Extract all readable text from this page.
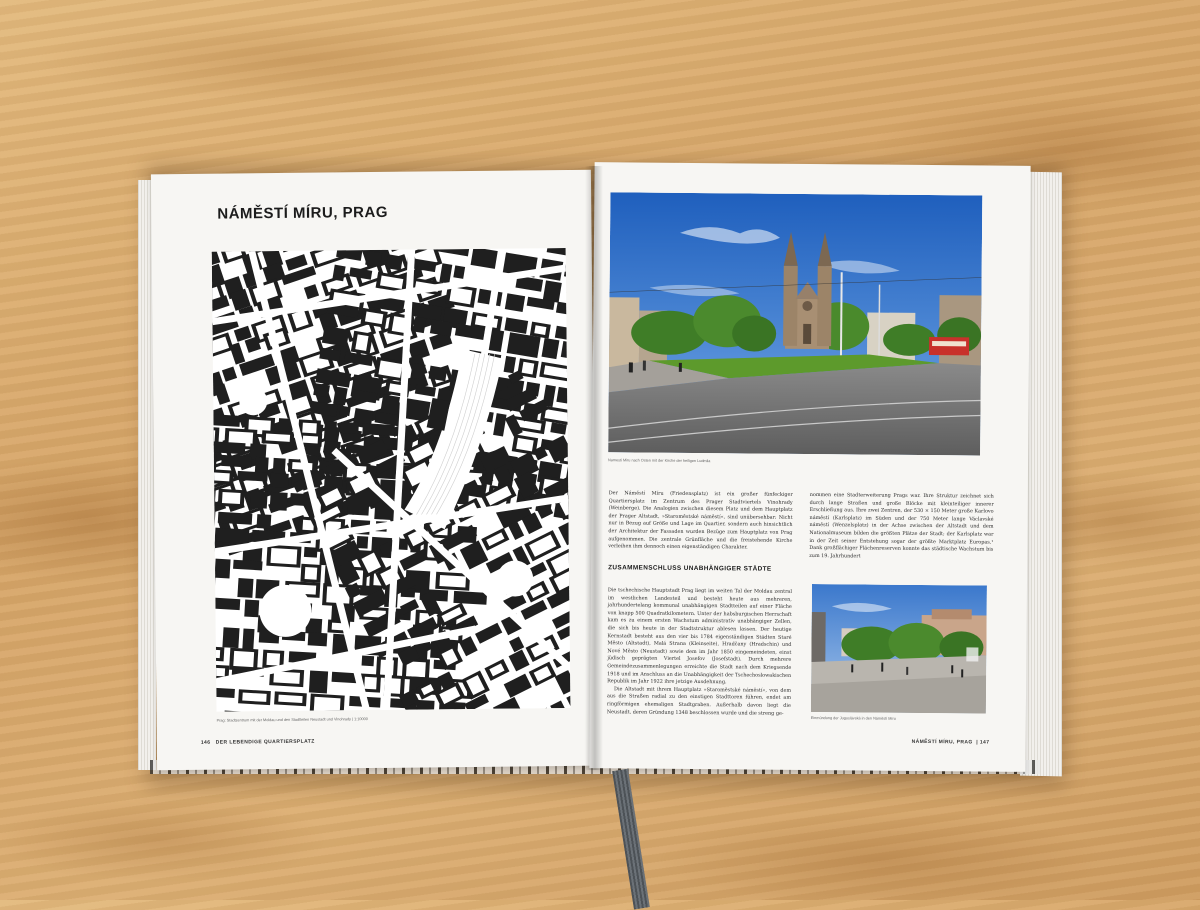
NÁMĚSTÍ MÍRU, PRAG
Prag: Stadtzentrum mit der Moldau und den Stadtteilen Neustadt und Vinohrady | 1:10000
146 DER LEBENDIGE QUARTIERSPLATZ
Namesti Miru nach Osten mit der Kirche der heiligen Ludmila

Der Náměstí Míru (Friedensplatz) ist ein großer fünfeckiger Quartiersplatz im Zentrum des Prager Stadtviertels Vinohrady (Weinberge). Die Analogien zwischen diesem Platz und dem Hauptplatz der Prager Altstadt, »Staroměstské náměstí«, sind unübersehbar: Nicht nur in Bezug auf Größe und Lage im Quartier, sondern auch hinsichtlich der Architektur der Fassaden wurden Bezüge zum Hauptplatz von Prag aufgenommen. Die zentrale Grünfläche und die freistehende Kirche verleihen ihm dennoch einen eigenständigen Charakter.

ZUSAMMENSCHLUSS UNABHÄNGIGER STÄDTE

Die tschechische Hauptstadt Prag liegt im weiten Tal der Moldau zentral im westlichen Landesteil und besteht heute aus mehreren, jahrhundertelang kommunal unabhängigen Stadtteilen auf einer Fläche von knapp 500 Quadratkilometern. Unter der habsburgischen Herrschaft kam es zu einem ersten Wachstum administrativ unabhängiger Zellen, die sich bis heute in der Stadtstruktur ablesen lassen. Der heutige Kernstadt besteht aus den vier bis 1784 eigenständigen Städten Staré Město (Altstadt), Malá Strana (Kleinseite), Hradčany (Hradschin) und Nové Město (Neustadt) sowie dem im Jahr 1850 eingemeindeten, einst jüdisch geprägten Viertel Josefov (Josefstadt). Durch mehrere Gemeindezusammenlegungen erreichte die Stadt nach dem Kriegsende 1918 und im Anschluss an die Unabhängigkeit der Tschechoslowakischen Republik im Jahr 1922 ihre jetzige Ausdehnung.

Die Altstadt mit ihrem Hauptplatz »Staroměstské náměstí«, von dem aus die Straßen radial zu den einstigen Stadttoren führen, endet am ringförmigen ehemaligen Stadtgraben. Außerhalb davon liegt die Neustadt, deren Gründung 1348 beschlossen wurde und die streng ge-

nommen eine Stadterweiterung Prags war. Ihre Struktur zeichnet sich durch lange Straßen und große Blöcke mit kleinteiliger innerer Erschließung aus. Ihre zwei Zentren, der 530 × 150 Meter große Karlovo náměstí (Karlsplatz) im Süden und der 750 Meter lange Václavské náměstí (Wenzelsplatz) in der Achse zwischen der Altstadt und dem Nationalmuseum bilden die größten Plätze der Stadt; der Karlsplatz war in der Zeit seiner Entstehung sogar der größte Marktplatz Europas.¹ Dank großflächiger Flächenreserven konnte das städtische Wachstum bis zum 19. Jahrhundert

Einmündung der Jugoslávská in den Náměstí Míru
NÁMĚSTÍ MÍRU, PRAG  | 147
